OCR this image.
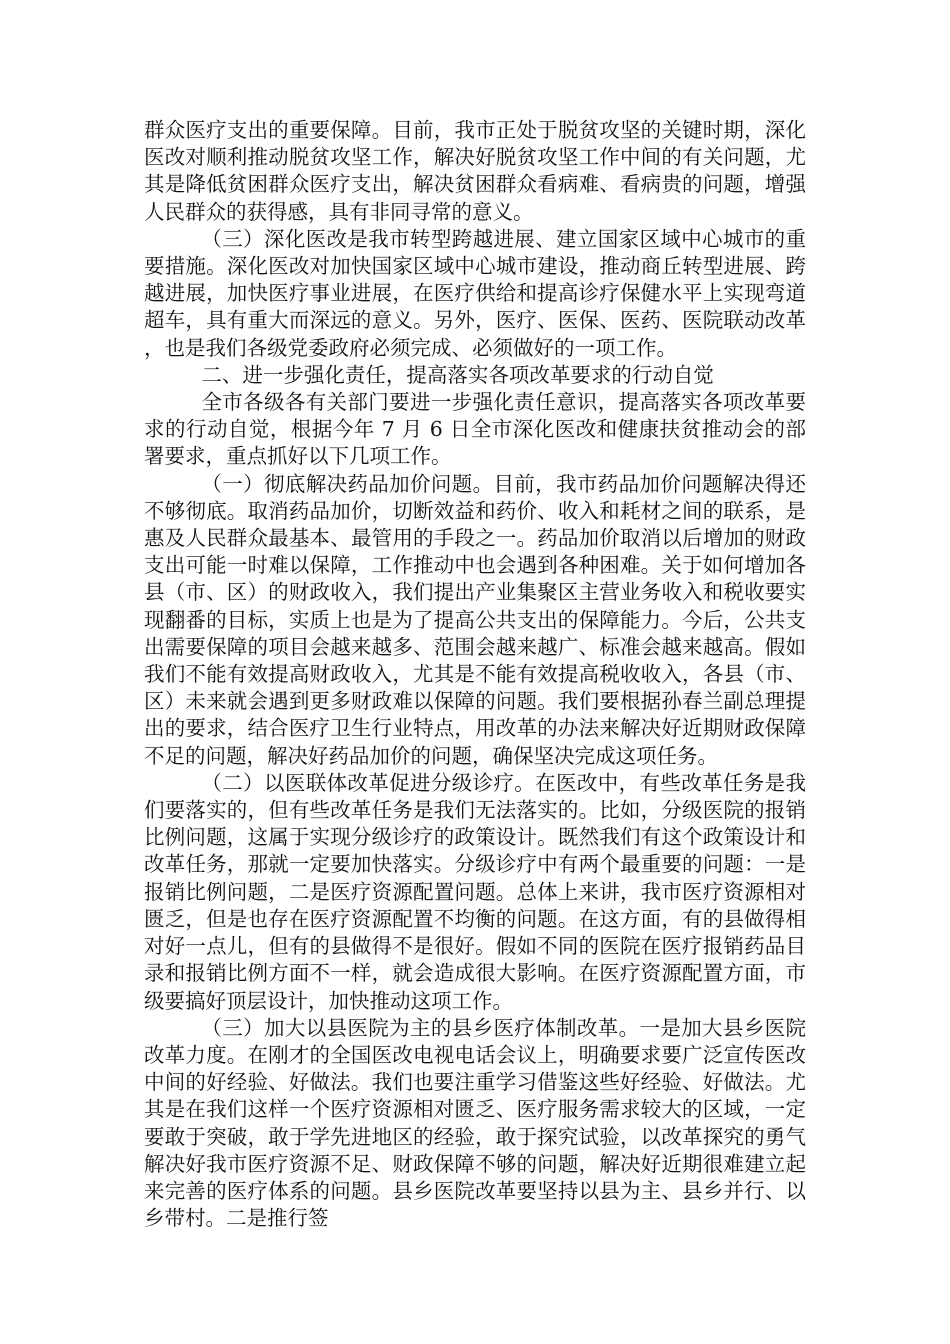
群众医疗支出的重要保障。目前，我市正处于脱贫攻坚的关键时期，深化医改对顺利推动脱贫攻坚工作，解决好脱贫攻坚工作中间的有关问题，尤其是降低贫困群众医疗支出，解决贫困群众看病难、看病贵的问题，增强人民群众的获得感，具有非同寻常的意义。

（三）深化医改是我市转型跨越进展、建立国家区域中心城市的重要措施。深化医改对加快国家区域中心城市建设，推动商丘转型进展、跨越进展，加快医疗事业进展，在医疗供给和提高诊疗保健水平上实现弯道超车，具有重大而深远的意义。另外，医疗、医保、医药、医院联动改革，也是我们各级党委政府必须完成、必须做好的一项工作。

二、进一步强化责任，提高落实各项改革要求的行动自觉

全市各级各有关部门要进一步强化责任意识，提高落实各项改革要求的行动自觉，根据今年 7 月 6 日全市深化医改和健康扶贫推动会的部署要求，重点抓好以下几项工作。

（一）彻底解决药品加价问题。目前，我市药品加价问题解决得还不够彻底。取消药品加价，切断效益和药价、收入和耗材之间的联系，是惠及人民群众最基本、最管用的手段之一。药品加价取消以后增加的财政支出可能一时难以保障，工作推动中也会遇到各种困难。关于如何增加各县（市、区）的财政收入，我们提出产业集聚区主营业务收入和税收要实现翻番的目标，实质上也是为了提高公共支出的保障能力。今后，公共支出需要保障的项目会越来越多、范围会越来越广、标准会越来越高。假如我们不能有效提高财政收入，尤其是不能有效提高税收收入，各县（市、区）未来就会遇到更多财政难以保障的问题。我们要根据孙春兰副总理提出的要求，结合医疗卫生行业特点，用改革的办法来解决好近期财政保障不足的问题，解决好药品加价的问题，确保坚决完成这项任务。

（二）以医联体改革促进分级诊疗。在医改中，有些改革任务是我们要落实的，但有些改革任务是我们无法落实的。比如，分级医院的报销比例问题，这属于实现分级诊疗的政策设计。既然我们有这个政策设计和改革任务，那就一定要加快落实。分级诊疗中有两个最重要的问题：一是报销比例问题，二是医疗资源配置问题。总体上来讲，我市医疗资源相对匮乏，但是也存在医疗资源配置不均衡的问题。在这方面，有的县做得相对好一点儿，但有的县做得不是很好。假如不同的医院在医疗报销药品目录和报销比例方面不一样，就会造成很大影响。在医疗资源配置方面，市级要搞好顶层设计，加快推动这项工作。

（三）加大以县医院为主的县乡医疗体制改革。一是加大县乡医院改革力度。在刚才的全国医改电视电话会议上，明确要求要广泛宣传医改中间的好经验、好做法。我们也要注重学习借鉴这些好经验、好做法。尤其是在我们这样一个医疗资源相对匮乏、医疗服务需求较大的区域，一定要敢于突破，敢于学先进地区的经验，敢于探究试验，以改革探究的勇气解决好我市医疗资源不足、财政保障不够的问题，解决好近期很难建立起来完善的医疗体系的问题。县乡医院改革要坚持以县为主、县乡并行、以乡带村。二是推行签
